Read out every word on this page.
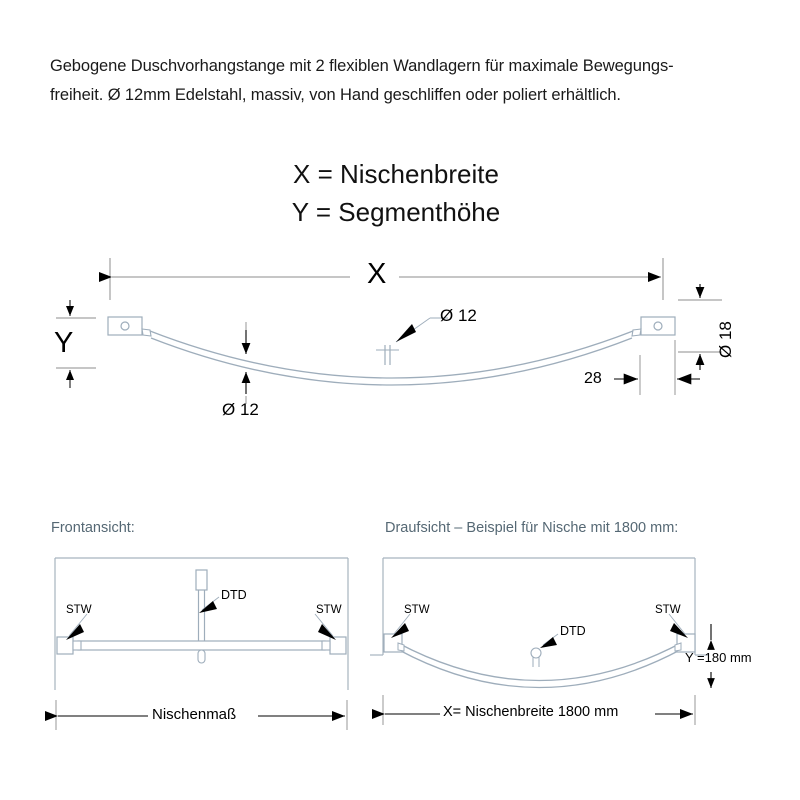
Gebogene Duschvorhangstange mit 2 flexiblen Wandlagern für maximale Bewegungs-
freiheit. Ø 12mm Edelstahl, massiv, von Hand geschliffen oder poliert erhältlich.
X = Nischenbreite
Y = Segmenthöhe
X
Y
Ø 12
Ø 12
Ø 18
28
Frontansicht:	Draufsicht – Beispiel für Nische mit 1800 mm:
STW	STW
DTD
Nischenmaß
STW	STW
DTD
Y =180 mm
X= Nischenbreite 1800 mm
